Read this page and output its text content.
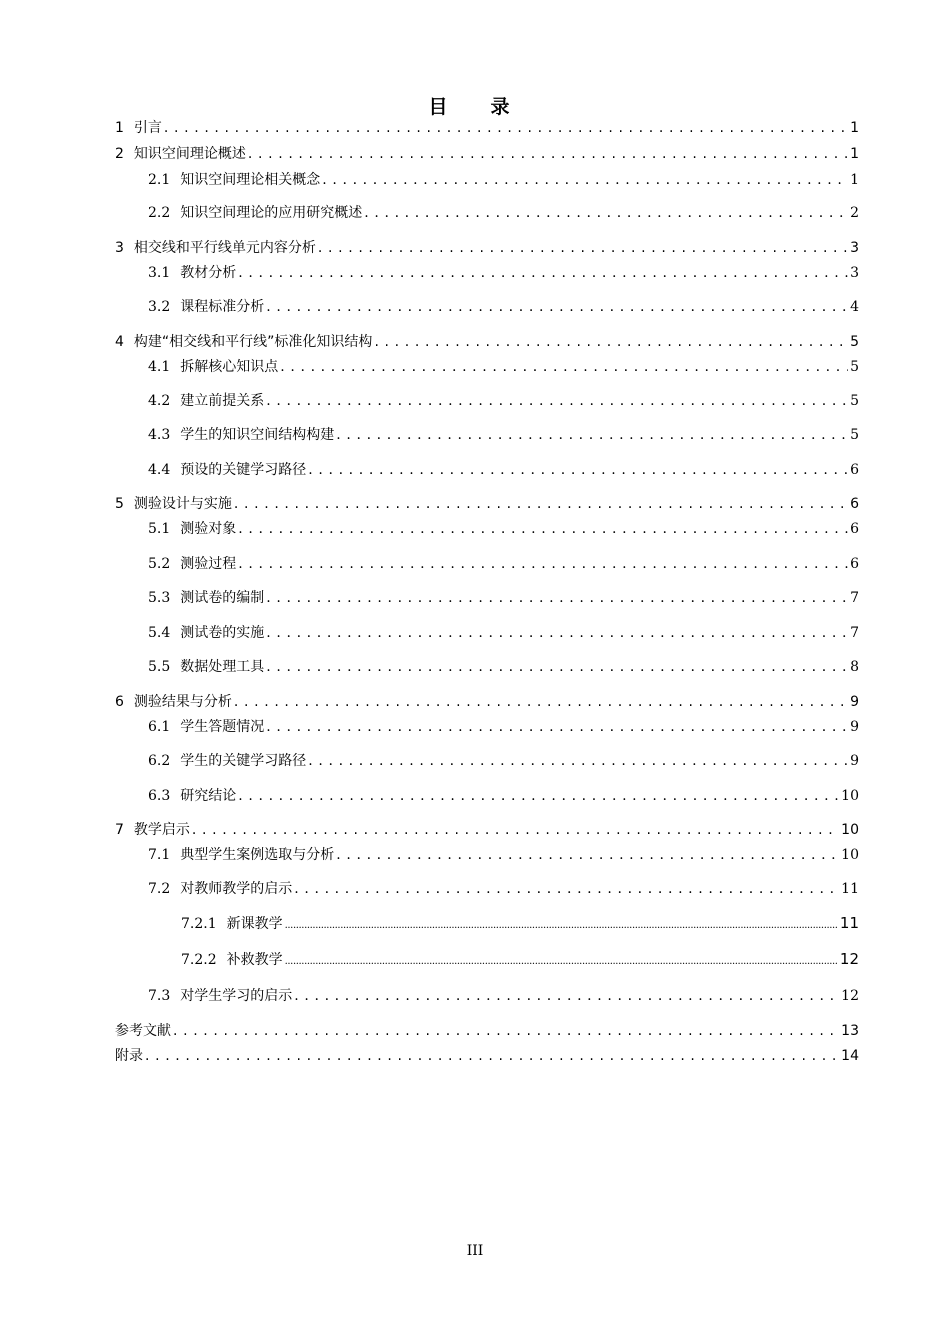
目　录
1 引言 . . .	1
2 知识空间理论概述 . . .	1
2.1 知识空间理论相关概念 . . .	1
2.2 知识空间理论的应用研究概述 . . .	2
3 相交线和平行线单元内容分析 . . .	3
3.1 教材分析 . . .	3
3.2 课程标准分析 . . .	4
4 构建“相交线和平行线”标准化知识结构 . . .	5
4.1 拆解核心知识点 . . .	5
4.2 建立前提关系 . . .	5
4.3 学生的知识空间结构构建 . . .	5
4.4 预设的关键学习路径 . . .	6
5 测验设计与实施 . . .	6
5.1 测验对象 . . .	6
5.2 测验过程 . . .	6
5.3 测试卷的编制 . . .	7
5.4 测试卷的实施 . . .	7
5.5 数据处理工具 . . .	8
6 测验结果与分析 . . .	9
6.1 学生答题情况 . . .	9
6.2 学生的关键学习路径 . . .	9
6.3 研究结论 . . .	10
7 教学启示 . . .	10
7.1 典型学生案例选取与分析 . . .	10
7.2 对教师教学的启示 . . .	11
7.2.1 新课教学 .....	11
7.2.2 补救教学 .....	12
7.3 对学生学习的启示 . . .	12
参考文献 . . .	13
附录 . . .	14
III
